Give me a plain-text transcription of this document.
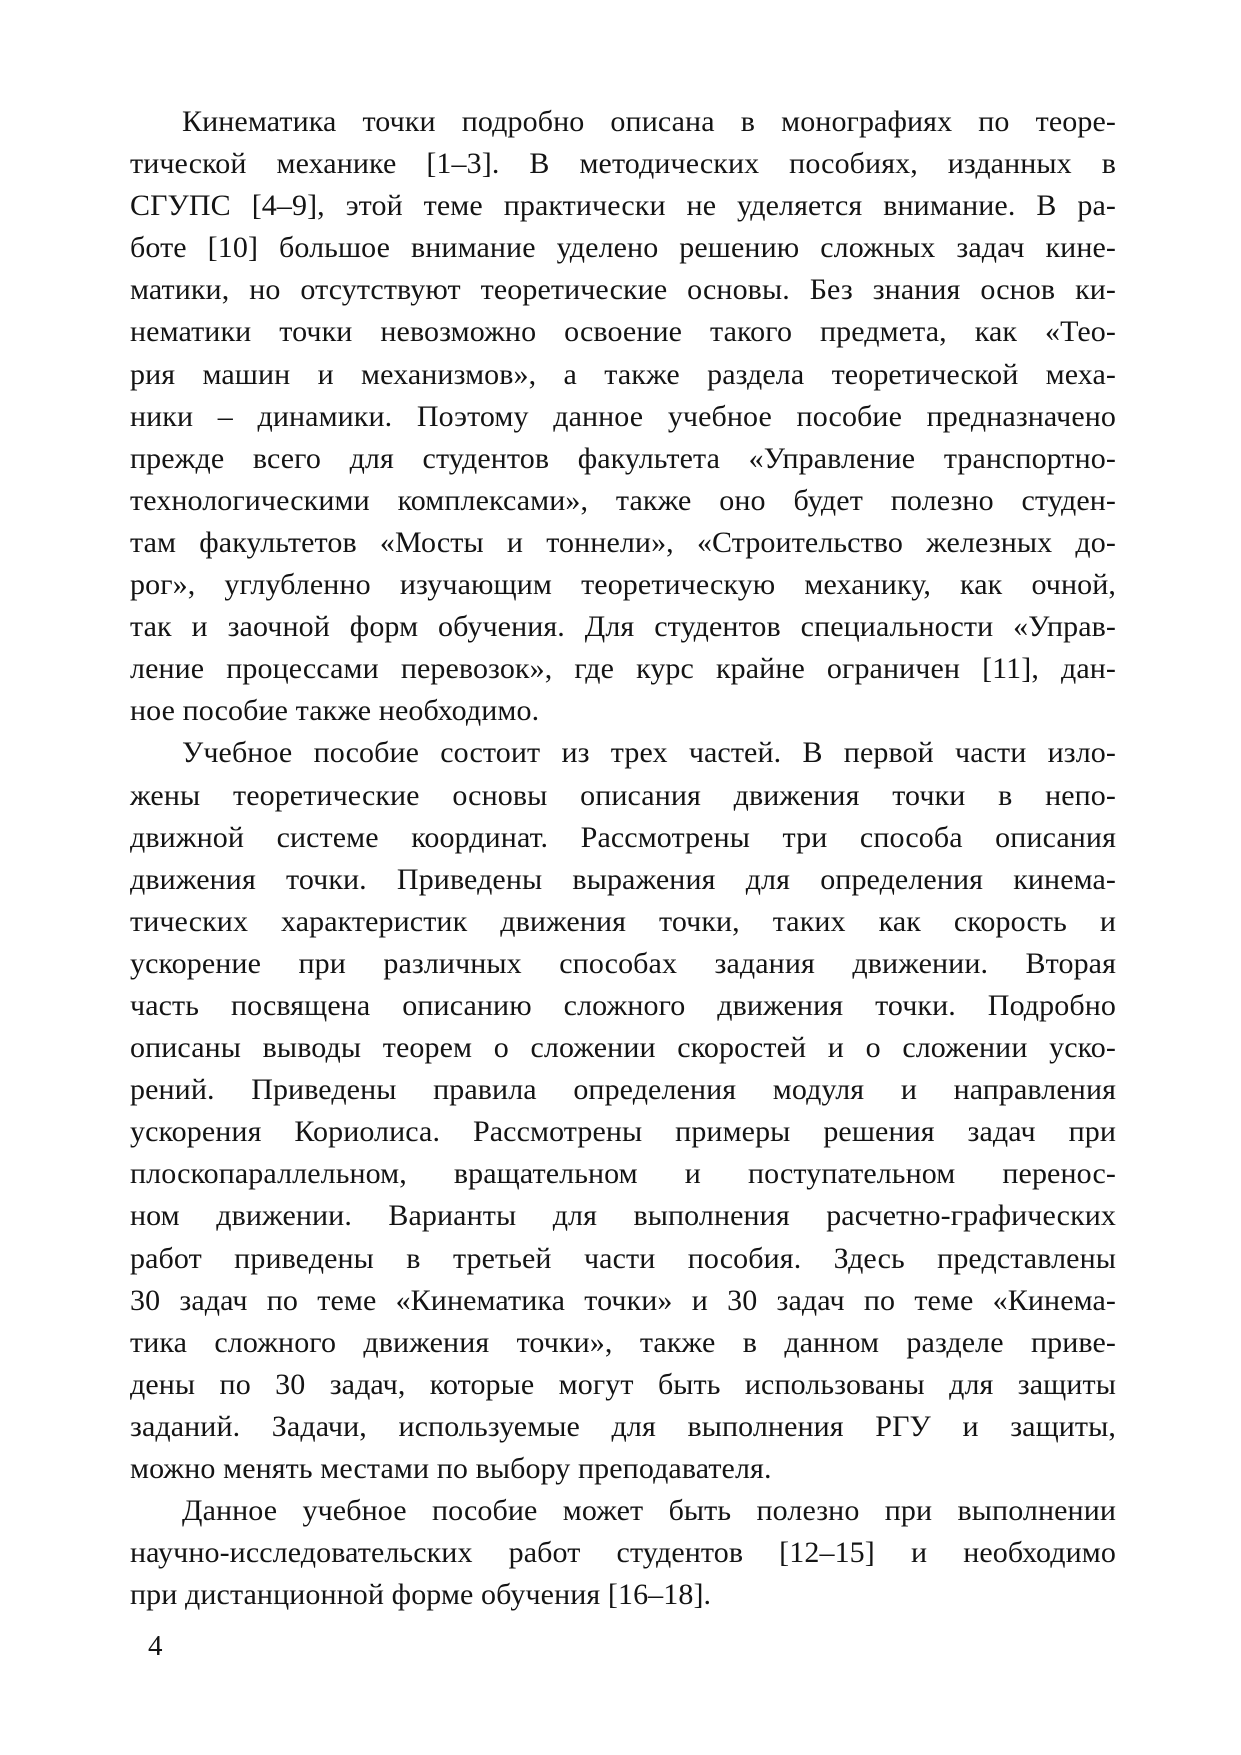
Кинематика точки подробно описана в монографиях по теоре-
тической механике [1–3]. В методических пособиях, изданных в
СГУПС [4–9], этой теме практически не уделяется внимание. В ра-
боте [10] большое внимание уделено решению сложных задач кине-
матики, но отсутствуют теоретические основы. Без знания основ ки-
нематики точки невозможно освоение такого предмета, как «Тео-
рия машин и механизмов», а также раздела теоретической меха-
ники – динамики. Поэтому данное учебное пособие предназначено
прежде всего для студентов факультета «Управление транспортно-
технологическими комплексами», также оно будет полезно студен-
там факультетов «Мосты и тоннели», «Строительство железных до-
рог», углубленно изучающим теоретическую механику, как очной,
так и заочной форм обучения. Для студентов специальности «Управ-
ление процессами перевозок», где курс крайне ограничен [11], дан-
ное пособие также необходимо.
Учебное пособие состоит из трех частей. В первой части изло-
жены теоретические основы описания движения точки в непо-
движной системе координат. Рассмотрены три способа описания
движения точки. Приведены выражения для определения кинема-
тических характеристик движения точки, таких как скорость и
ускорение при различных способах задания движении. Вторая
часть посвящена описанию сложного движения точки. Подробно
описаны выводы теорем о сложении скоростей и о сложении уско-
рений. Приведены правила определения модуля и направления
ускорения Кориолиса. Рассмотрены примеры решения задач при
плоскопараллельном, вращательном и поступательном перенос-
ном движении. Варианты для выполнения расчетно-графических
работ приведены в третьей части пособия. Здесь представлены
30 задач по теме «Кинематика точки» и 30 задач по теме «Кинема-
тика сложного движения точки», также в данном разделе приве-
дены по 30 задач, которые могут быть использованы для защиты
заданий. Задачи, используемые для выполнения РГУ и защиты,
можно менять местами по выбору преподавателя.
Данное учебное пособие может быть полезно при выполнении
научно-исследовательских работ студентов [12–15] и необходимо
при дистанционной форме обучения [16–18].
4
